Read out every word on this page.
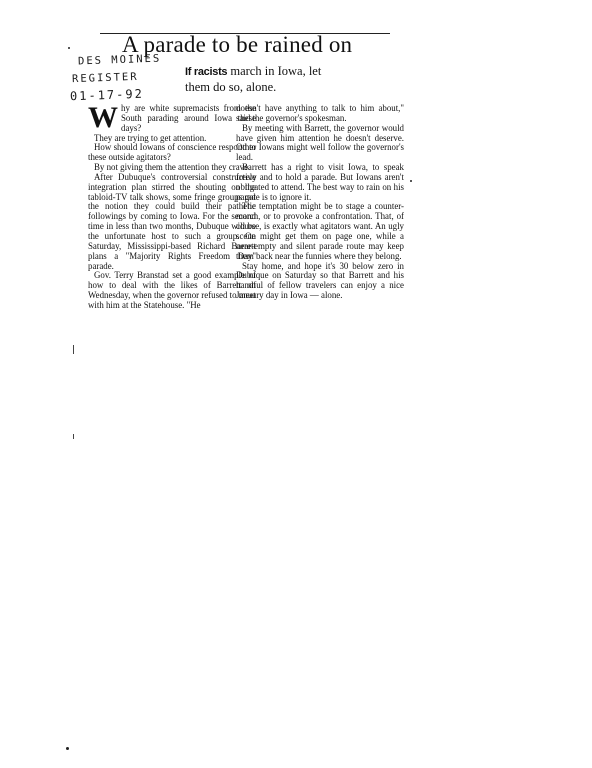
A parade to be rained on
DES MOINES
REGISTER
01-17-92
If racists march in Iowa, let them do so, alone.

Why are white supremacists from the South parading around Iowa these days?

They are trying to get attention.

How should Iowans of conscience respond to these outside agitators?

By not giving them the attention they crave.

After Dubuque's controversial constructive integration plan stirred the shouting on the tabloid-TV talk shows, some fringe groups got the notion they could build their pathetic followings by coming to Iowa. For the second time in less than two months, Dubuque will be the unfortunate host to such a group. On Saturday, Mississippi-based Richard Barrett plans a "Majority Rights Freedom Day" parade.

Gov. Terry Branstad set a good example of how to deal with the likes of Barrett on Wednesday, when the governor refused to meet with him at the Statehouse. "He

doesn't have anything to talk to him about," said the governor's spokesman.

By meeting with Barrett, the governor would have given him attention he doesn't deserve. Other Iowans might well follow the governor's lead.

Barrett has a right to visit Iowa, to speak freely and to hold a parade. But Iowans aren't obligated to attend. The best way to rain on his parade is to ignore it.

The temptation might be to stage a counter-march, or to provoke a confrontation. That, of course, is exactly what agitators want. An ugly scene might get them on page one, while a near-empty and silent parade route may keep them back near the funnies where they belong.

Stay home, and hope it's 30 below zero in Dubuque on Saturday so that Barrett and his handful of fellow travelers can enjoy a nice January day in Iowa — alone.
